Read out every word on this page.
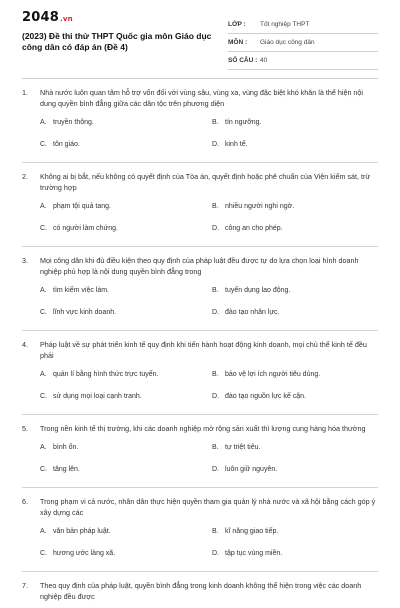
2048.vn
(2023) Đề thi thử THPT Quốc gia môn Giáo dục công dân có đáp án (Đề 4)
LỚP :	Tốt nghiệp THPT
MÔN :	Giáo dục công dân
SỐ CÂU : 40
1.	Nhà nước luôn quan tâm hỗ trợ vốn đối với vùng sâu, vùng xa, vùng đặc biệt khó khăn là thể hiện nội dung quyền bình đẳng giữa các dân tộc trên phương diện
A. truyền thông.	B. tín ngưỡng.
C. tôn giáo.	D. kinh tế.
2.	Không ai bị bắt, nếu không có quyết định của Tòa án, quyết định hoặc phê chuẩn của Viện kiểm sát, trừ trường hợp
A. phạm tội quả tang.	B. nhiều người nghi ngờ.
C. có người làm chứng.	D. công an cho phép.
3.	Mọi công dân khi đủ điều kiện theo quy định của pháp luật đều được tự do lựa chọn loại hình doanh nghiệp phù hợp là nội dung quyền bình đẳng trong
A. tìm kiếm việc làm.	B. tuyển dụng lao động.
C. lĩnh vực kinh doanh.	D. đào tạo nhân lực.
4.	Pháp luật về sự phát triển kinh tế quy định khi tiến hành hoạt động kinh doanh, mọi chủ thể kinh tế đều phải
A. quản lí bằng hình thức trực tuyến.	B. bảo vệ lợi ích người tiêu dùng.
C. sử dụng mọi loại cạnh tranh.	D. đào tạo nguồn lực kế cận.
5.	Trong nền kinh tế thị trường, khi các doanh nghiệp mở rộng sản xuất thì lượng cung hàng hóa thường
A. bình ổn.	B. tự triệt tiêu.
C. tăng lên.	D. luôn giữ nguyên.
6.	Trong phạm vi cả nước, nhân dân thực hiện quyền tham gia quản lý nhà nước và xã hội bằng cách góp ý xây dựng các
A. văn bản pháp luật.	B. kĩ năng giao tiếp.
C. hương ước làng xã.	D. tập tục vùng miền.
7.	Theo quy định của pháp luật, quyền bình đẳng trong kinh doanh không thể hiện trong việc các doanh nghiệp đều được
